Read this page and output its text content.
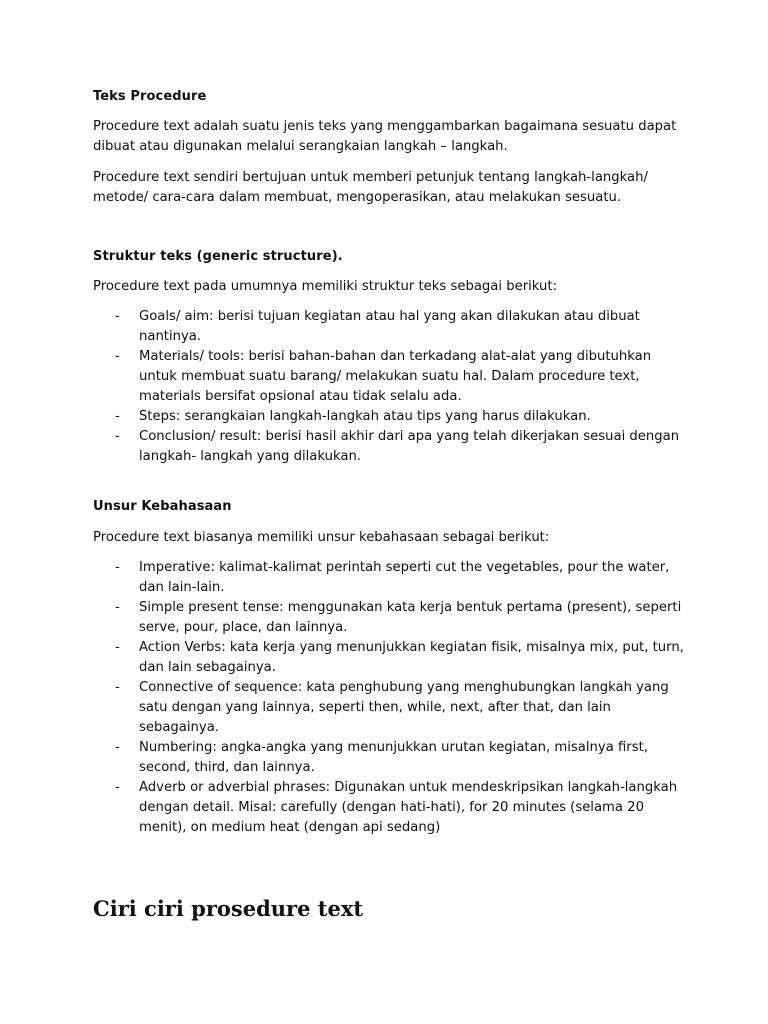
Teks Procedure

Procedure text adalah suatu jenis teks yang menggambarkan bagaimana sesuatu dapat dibuat atau digunakan melalui serangkaian langkah – langkah.

Procedure text sendiri bertujuan untuk memberi petunjuk tentang langkah-langkah/ metode/ cara-cara dalam membuat, mengoperasikan, atau melakukan sesuatu.

Struktur teks (generic structure).

Procedure text pada umumnya memiliki struktur teks sebagai berikut:

- Goals/ aim: berisi tujuan kegiatan atau hal yang akan dilakukan atau dibuat nantinya.
- Materials/ tools: berisi bahan-bahan dan terkadang alat-alat yang dibutuhkan untuk membuat suatu barang/ melakukan suatu hal. Dalam procedure text, materials bersifat opsional atau tidak selalu ada.
- Steps: serangkaian langkah-langkah atau tips yang harus dilakukan.
- Conclusion/ result: berisi hasil akhir dari apa yang telah dikerjakan sesuai dengan langkah- langkah yang dilakukan.
Unsur Kebahasaan

Procedure text biasanya memiliki unsur kebahasaan sebagai berikut:

- Imperative: kalimat-kalimat perintah seperti cut the vegetables, pour the water, dan lain-lain.
- Simple present tense: menggunakan kata kerja bentuk pertama (present), seperti serve, pour, place, dan lainnya.
- Action Verbs: kata kerja yang menunjukkan kegiatan fisik, misalnya mix, put, turn, dan lain sebagainya.
- Connective of sequence: kata penghubung yang menghubungkan langkah yang satu dengan yang lainnya, seperti then, while, next, after that, dan lain sebagainya.
- Numbering: angka-angka yang menunjukkan urutan kegiatan, misalnya first, second, third, dan lainnya.
- Adverb or adverbial phrases: Digunakan untuk mendeskripsikan langkah-langkah dengan detail. Misal: carefully (dengan hati-hati), for 20 minutes (selama 20 menit), on medium heat (dengan api sedang)
Ciri ciri prosedure text
